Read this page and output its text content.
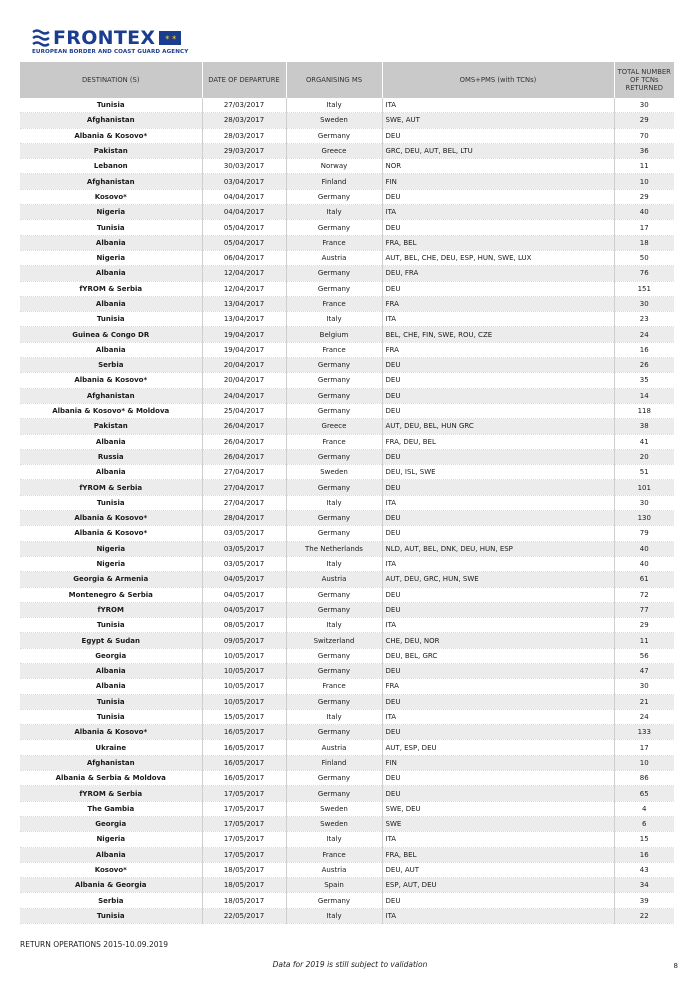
FRONTEX ✶✶
EUROPEAN BORDER AND COAST GUARD AGENCY
DESTINATION (S)	DATE OF DEPARTURE	ORGANISING MS	OMS+PMS (with TCNs)	TOTAL NUMBER OF TCNs RETURNED
Tunisia	27/03/2017	Italy	ITA	30
Afghanistan	28/03/2017	Sweden	SWE, AUT	29
Albania & Kosovo*	28/03/2017	Germany	DEU	70
Pakistan	29/03/2017	Greece	GRC, DEU, AUT, BEL, LTU	36
Lebanon	30/03/2017	Norway	NOR	11
Afghanistan	03/04/2017	Finland	FIN	10
Kosovo*	04/04/2017	Germany	DEU	29
Nigeria	04/04/2017	Italy	ITA	40
Tunisia	05/04/2017	Germany	DEU	17
Albania	05/04/2017	France	FRA, BEL	18
Nigeria	06/04/2017	Austria	AUT, BEL, CHE, DEU, ESP, HUN, SWE, LUX	50
Albania	12/04/2017	Germany	DEU, FRA	76
fYROM & Serbia	12/04/2017	Germany	DEU	151
Albania	13/04/2017	France	FRA	30
Tunisia	13/04/2017	Italy	ITA	23
Guinea & Congo DR	19/04/2017	Belgium	BEL, CHE, FIN, SWE, ROU, CZE	24
Albania	19/04/2017	France	FRA	16
Serbia	20/04/2017	Germany	DEU	26
Albania & Kosovo*	20/04/2017	Germany	DEU	35
Afghanistan	24/04/2017	Germany	DEU	14
Albania & Kosovo* & Moldova	25/04/2017	Germany	DEU	118
Pakistan	26/04/2017	Greece	AUT, DEU, BEL, HUN GRC	38
Albania	26/04/2017	France	FRA, DEU, BEL	41
Russia	26/04/2017	Germany	DEU	20
Albania	27/04/2017	Sweden	DEU, ISL, SWE	51
fYROM & Serbia	27/04/2017	Germany	DEU	101
Tunisia	27/04/2017	Italy	ITA	30
Albania & Kosovo*	28/04/2017	Germany	DEU	130
Albania & Kosovo*	03/05/2017	Germany	DEU	79
Nigeria	03/05/2017	The Netherlands	NLD, AUT, BEL, DNK, DEU, HUN, ESP	40
Nigeria	03/05/2017	Italy	ITA	40
Georgia & Armenia	04/05/2017	Austria	AUT, DEU, GRC, HUN, SWE	61
Montenegro & Serbia	04/05/2017	Germany	DEU	72
fYROM	04/05/2017	Germany	DEU	77
Tunisia	08/05/2017	Italy	ITA	29
Egypt & Sudan	09/05/2017	Switzerland	CHE, DEU, NOR	11
Georgia	10/05/2017	Germany	DEU, BEL, GRC	56
Albania	10/05/2017	Germany	DEU	47
Albania	10/05/2017	France	FRA	30
Tunisia	10/05/2017	Germany	DEU	21
Tunisia	15/05/2017	Italy	ITA	24
Albania & Kosovo*	16/05/2017	Germany	DEU	133
Ukraine	16/05/2017	Austria	AUT, ESP, DEU	17
Afghanistan	16/05/2017	Finland	FIN	10
Albania & Serbia & Moldova	16/05/2017	Germany	DEU	86
fYROM & Serbia	17/05/2017	Germany	DEU	65
The Gambia	17/05/2017	Sweden	SWE, DEU	4
Georgia	17/05/2017	Sweden	SWE	6
Nigeria	17/05/2017	Italy	ITA	15
Albania	17/05/2017	France	FRA, BEL	16
Kosovo*	18/05/2017	Austria	DEU, AUT	43
Albania & Georgia	18/05/2017	Spain	ESP, AUT, DEU	34
Serbia	18/05/2017	Germany	DEU	39
Tunisia	22/05/2017	Italy	ITA	22
RETURN OPERATIONS 2015-10.09.2019
Data for 2019 is still subject to validation	8
